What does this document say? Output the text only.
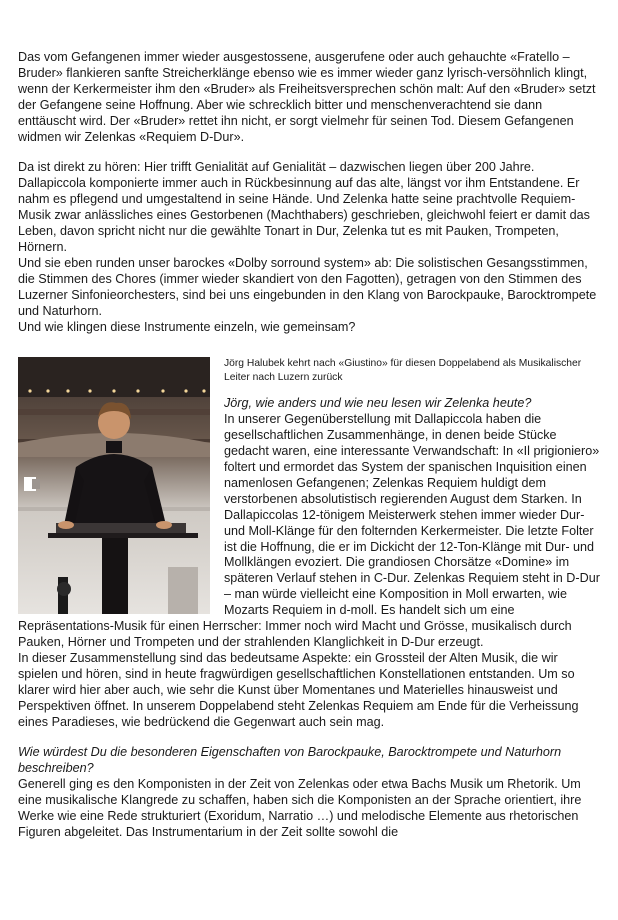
Das vom Gefangenen immer wieder ausgestossene, ausgerufene oder auch gehauchte «Fratello – Bruder» flankieren sanfte Streicherklänge ebenso wie es immer wieder ganz lyrisch-versöhnlich klingt, wenn der Kerkermeister ihm den «Bruder» als Freiheitsversprechen schön malt: Auf den «Bruder» setzt der Gefangene seine Hoffnung. Aber wie schrecklich bitter und menschenverachtend sie dann enttäuscht wird. Der «Bruder» rettet ihn nicht, er sorgt vielmehr für seinen Tod. Diesem Gefangenen widmen wir Zelenkas «Requiem D-Dur».

Da ist direkt zu hören: Hier trifft Genialität auf Genialität – dazwischen liegen über 200 Jahre. Dallapiccola komponierte immer auch in Rückbesinnung auf das alte, längst vor ihm Entstandene. Er nahm es pflegend und umgestaltend in seine Hände. Und Zelenka hatte seine prachtvolle Requiem-Musik zwar anlässliches eines Gestorbenen (Machthabers) geschrieben, gleichwohl feiert er damit das Leben, davon spricht nicht nur die gewählte Tonart in Dur, Zelenka tut es mit Pauken, Trompeten, Hörnern.

Und sie eben runden unser barockes «Dolby sorround system» ab: Die solistischen Gesangsstimmen, die Stimmen des Chores (immer wieder skandiert von den Fagotten), getragen von den Stimmen des Luzerner Sinfonieorchesters, sind bei uns eingebunden in den Klang von Barockpauke, Barocktrompete und Naturhorn.

Und wie klingen diese Instrumente einzeln, wie gemeinsam?

Jörg Halubek kehrt nach «Giustino» für diesen Doppelabend als Musikalischer Leiter nach Luzern zurück

Jörg, wie anders und wie neu lesen wir Zelenka heute?

In unserer Gegenüberstellung mit Dallapiccola haben die gesellschaftlichen Zusammenhänge, in denen beide Stücke gedacht waren, eine interessante Verwandschaft: In «Il prigioniero» foltert und ermordet das System der spanischen Inquisition einen namenlosen Gefangenen; Zelenkas Requiem huldigt dem verstorbenen absolutistisch regierenden August dem Starken. In Dallapiccolas 12-tönigem Meisterwerk stehen immer wieder Dur- und Moll-Klänge für den folternden Kerkermeister. Die letzte Folter ist die Hoffnung, die er im Dickicht der 12-Ton-Klänge mit Dur- und Mollklängen evoziert. Die grandiosen Chorsätze «Domine» im späteren Verlauf stehen in C-Dur. Zelenkas Requiem steht in D-Dur – man würde vielleicht eine Komposition in Moll erwarten, wie Mozarts Requiem in d-moll. Es handelt sich um eine Repräsentations-Musik für einen Herrscher: Immer noch wird Macht und Grösse, musikalisch durch Pauken, Hörner und Trompeten und der strahlenden Klanglichkeit in D-Dur erzeugt.

In dieser Zusammenstellung sind das bedeutsame Aspekte: ein Grossteil der Alten Musik, die wir spielen und hören, sind in heute fragwürdigen gesellschaftlichen Konstellationen entstanden. Um so klarer wird hier aber auch, wie sehr die Kunst über Momentanes und Materielles hinausweist und Perspektiven öffnet. In unserem Doppelabend steht Zelenkas Requiem am Ende für die Verheissung eines Paradieses, wie bedrückend die Gegenwart auch sein mag.

Wie würdest Du die besonderen Eigenschaften von Barockpauke, Barocktrompete und Naturhorn beschreiben?

Generell ging es den Komponisten in der Zeit von Zelenkas oder etwa Bachs Musik um Rhetorik. Um eine musikalische Klangrede zu schaffen, haben sich die Komponisten an der Sprache orientiert, ihre Werke wie eine Rede strukturiert (Exoridum, Narratio …) und melodische Elemente aus rhetorischen Figuren abgeleitet. Das Instrumentarium in der Zeit sollte sowohl die
